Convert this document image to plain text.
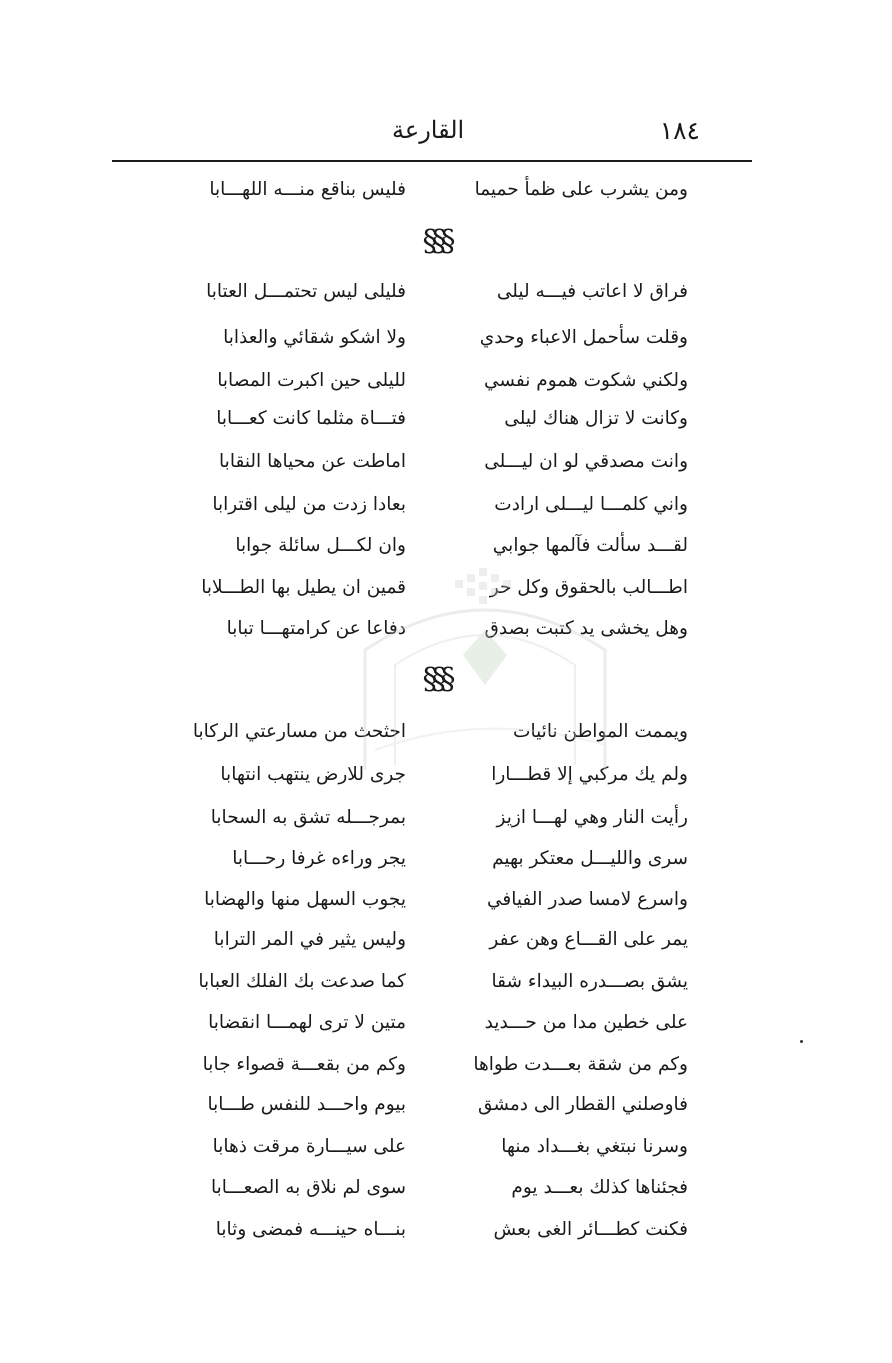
١٨٤
القارعة
ومن يشرب على ظمأ حميما
فليس بناقع منـــه اللهـــابا
§§§
فراق لا اعاتب فيـــه ليلى
فليلى ليس تحتمـــل العتابا
وقلت سأحمل الاعباء وحدي
ولا اشكو شقائي والعذابا
ولكني شكوت هموم نفسي
لليلى حين اكبرت المصابا
وكانت لا تزال هناك ليلى
فتـــاة مثلما كانت كعـــابا
وانت مصدقي لو ان ليـــلى
اماطت عن محياها النقابا
واني كلمـــا ليـــلى ارادت
بعادا زدت من ليلى اقترابا
لقـــد سألت فآلمها جوابي
وان لكـــل سائلة جوابا
اطـــالب بالحقوق وكل حر
قمين ان يطيل بها الطـــلابا
وهل يخشى يد كتبت بصدق
دفاعا عن كرامتهـــا تبابا
§§§
ويممت المواطن نائيات
احثحث من مسارعتي الركابا
ولم يك مركبي إلا قطـــارا
جرى للارض ينتهب انتهابا
رأيت النار وهي لهـــا ازيز
بمرجـــله تشق به السحابا
سرى والليـــل معتكر بهيم
يجر وراءه غرفا رحـــابا
واسرع لامسا صدر الفيافي
يجوب السهل منها والهضابا
يمر على القـــاع وهن عفر
وليس يثير في المر الترابا
يشق بصـــدره البيداء شقا
كما صدعت بك الفلك العبابا
على خطين مدا من حـــديد
متين لا ترى لهمـــا انقضابا
وكم من شقة بعـــدت طواها
وكم من بقعـــة قصواء جابا
فاوصلني القطار الى دمشق
بيوم واحـــد للنفس طـــابا
وسرنا نبتغي بغـــداد منها
على سيـــارة مرقت ذهابا
فجئناها كذلك بعـــد يوم
سوى لم نلاق به الصعـــابا
فكنت كطـــائر الغى بعش
بنـــاه حينـــه فمضى وثابا
